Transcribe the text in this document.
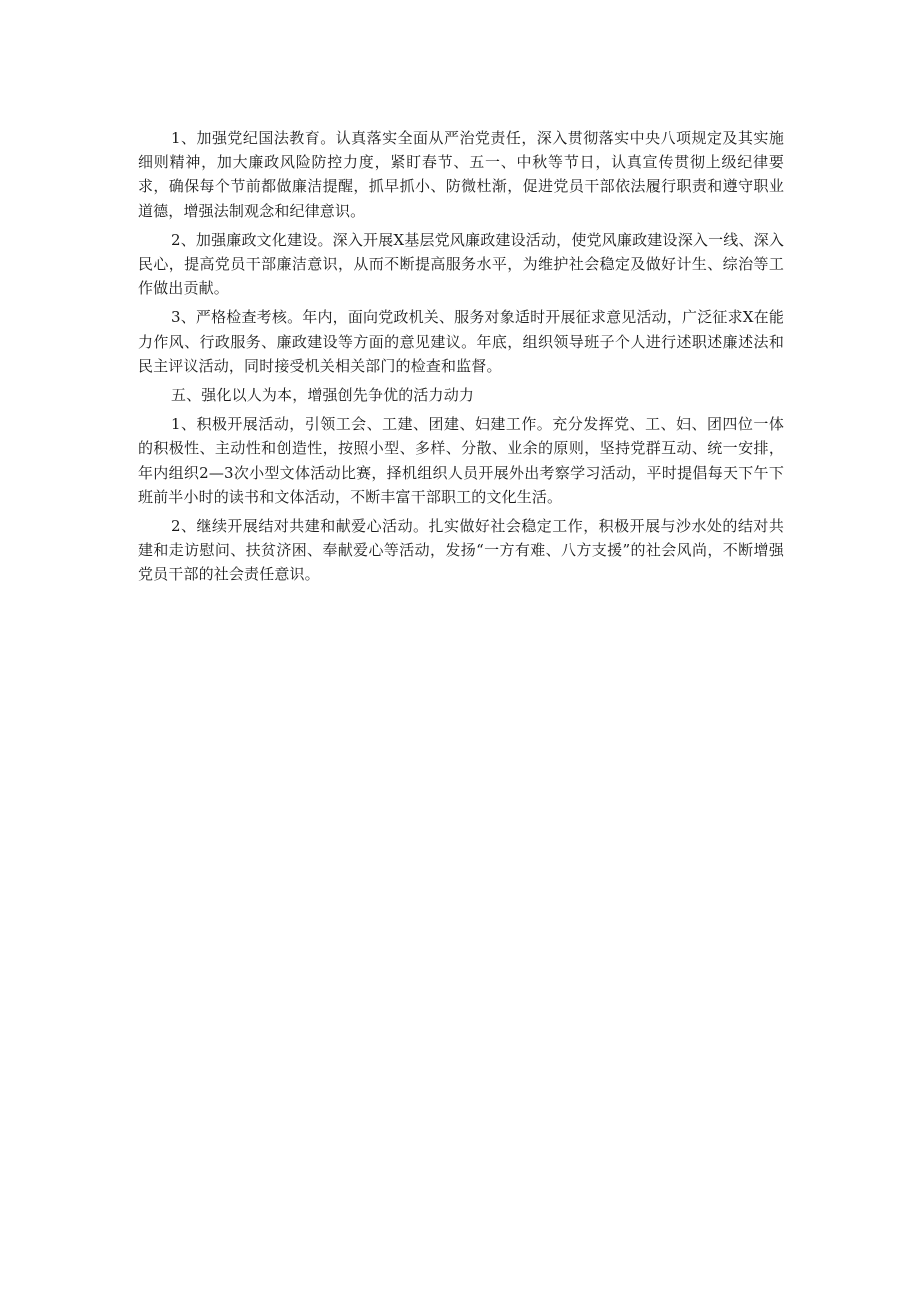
1、加强党纪国法教育。认真落实全面从严治党责任，深入贯彻落实中央八项规定及其实施细则精神，加大廉政风险防控力度，紧盯春节、五一、中秋等节日，认真宣传贯彻上级纪律要求，确保每个节前都做廉洁提醒，抓早抓小、防微杜渐，促进党员干部依法履行职责和遵守职业道德，增强法制观念和纪律意识。

2、加强廉政文化建设。深入开展X基层党风廉政建设活动，使党风廉政建设深入一线、深入民心，提高党员干部廉洁意识，从而不断提高服务水平，为维护社会稳定及做好计生、综治等工作做出贡献。

3、严格检查考核。年内，面向党政机关、服务对象适时开展征求意见活动，广泛征求X在能力作风、行政服务、廉政建设等方面的意见建议。年底，组织领导班子个人进行述职述廉述法和民主评议活动，同时接受机关相关部门的检查和监督。

五、强化以人为本，增强创先争优的活力动力

1、积极开展活动，引领工会、工建、团建、妇建工作。充分发挥党、工、妇、团四位一体的积极性、主动性和创造性，按照小型、多样、分散、业余的原则，坚持党群互动、统一安排，年内组织2—3次小型文体活动比赛，择机组织人员开展外出考察学习活动，平时提倡每天下午下班前半小时的读书和文体活动，不断丰富干部职工的文化生活。

2、继续开展结对共建和献爱心活动。扎实做好社会稳定工作，积极开展与沙水处的结对共建和走访慰问、扶贫济困、奉献爱心等活动，发扬“一方有难、八方支援”的社会风尚，不断增强党员干部的社会责任意识。
